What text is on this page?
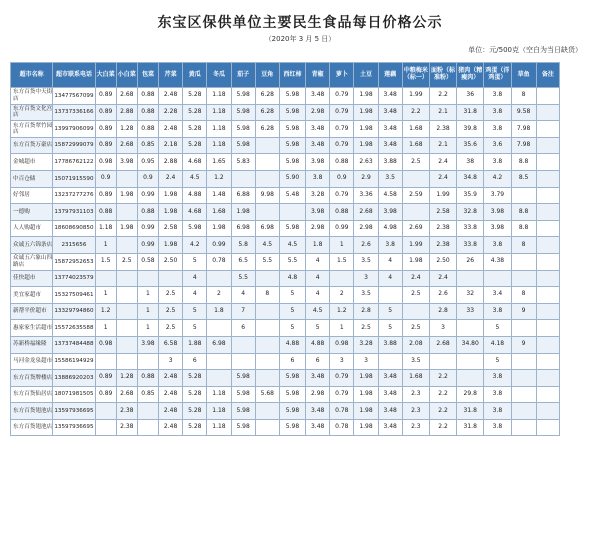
东宝区保供单位主要民生食品每日价格公示
（2020年 3 月 5 日）
单位：元/500克（空白为当日缺货）
超市名称	超市联系电话	大白菜	小白菜	包菜	芹菜	黄瓜	冬瓜	茄子	豆角	西红柿	青椒	萝卜	土豆	莲藕	中粮梅米（标一）	面粉（标准粉）	猪肉（精瘦肉）	鸡蛋（洋鸡蛋）	草鱼	备注
东方百货中天街店	13477567099	0.89	2.68	0.88	2.48	5.28	1.18	5.98	6.28	5.98	3.48	0.79	1.98	3.48	1.99	2.2	36	3.8	8	
东方百货文化宫店	13737336166	0.89	2.88	0.88	2.28	5.28	1.18	5.98	6.28	5.98	2.98	0.79	1.98	3.48	2.2	2.1	31.8	3.8	9.58	
东方百货翠竹园店	13997906099	0.89	1.28	0.88	2.48	5.28	1.18	5.98	6.28	5.98	3.48	0.79	1.98	3.48	1.68	2.38	39.8	3.8	7.98	
东方百货万豪店	15872999079	0.89	2.68	0.85	2.18	5.28	1.18	5.98		5.98	3.48	0.79	1.98	3.48	1.68	2.1	35.6	3.6	7.98	
金城超市	17786762122	0.98	3.98	0.95	2.88	4.68	1.65	5.83		5.98	3.98	0.88	2.63	3.88	2.5	2.4	38	3.8	8.8	
中百仓储	15071915590	0.9		0.9	2.4	4.5	1.2			5.90	3.8	0.9	2.9	3.5		2.4	34.8	4.2	8.5	
好邻居	13237277276	0.89	1.98	0.99	1.98	4.88	1.48	6.88	9.98	5.48	3.28	0.79	3.36	4.58	2.59	1.99	35.9	3.79		
一德购	13797931103	0.88		0.88	1.98	4.68	1.68	1.98			3.98	0.88	2.68	3.98		2.58	32.8	3.98	8.8	
人人购超市	18608690850	1.18	1.98	0.99	2.58	5.98	1.98	6.98	6.98	5.98	2.98	0.99	2.98	4.98	2.69	2.38	33.8	3.98	8.8	
众诚五六锦条店	2315656	1		0.99	1.98	4.2	0.99	5.8	4.5	4.5	1.8	1	2.6	3.8	1.99	2.38	33.8	3.8	8	
众诚五六象山四路店	15872952653	1.5	2.5	0.58	2.50	5	0.78	6.5	5.5	5.5	4	1.5	3.5	4	1.98	2.50	26	4.38		
佳快超市	13774023579					4		5.5		4.8	4		3	4	2.4	2.4				
美宜家超市	15327509461	1		1	2.5	4	2	4	8	5	4	2	3.5		2.5	2.6	32	3.4	8	
新帮平价超市	13329794860	1.2		1	2.5	5	1.8	7		5	4.5	1.2	2.8	5		2.8	33	3.8	9	
惠家家生活超市	15572635588	1		1	2.5	5		6		5	5	1	2.5	5	2.5	3		5		
苏新桥福缘隆	13737484488	0.98		3.98	6.58	1.88	6.98			4.88	4.88	0.98	3.28	3.88	2.08	2.68	34.80	4.18	9	
马河金龙泉超市	15586194929				3	6				6	6	3	3		3.5			5		
东方百货牌楼店	13886920203	0.89	1.28	0.88	2.48	5.28		5.98		5.98	3.48	0.79	1.98	3.48	1.68	2.2		3.8		
东方百货仙居店	18071981505	0.89	2.68	0.85	2.48	5.28	1.18	5.98	5.68	5.98	2.98	0.79	1.98	3.48	2.3	2.2	29.8	3.8		
东方百货翅池店	13597936695		2.38		2.48	5.28	1.18	5.98		5.98	3.48	0.78	1.98	3.48	2.3	2.2	31.8	3.8		
东方百货翅池店	13597936695		2.38		2.48	5.28	1.18	5.98		5.98	3.48	0.78	1.98	3.48	2.3	2.2	31.8	3.8		
